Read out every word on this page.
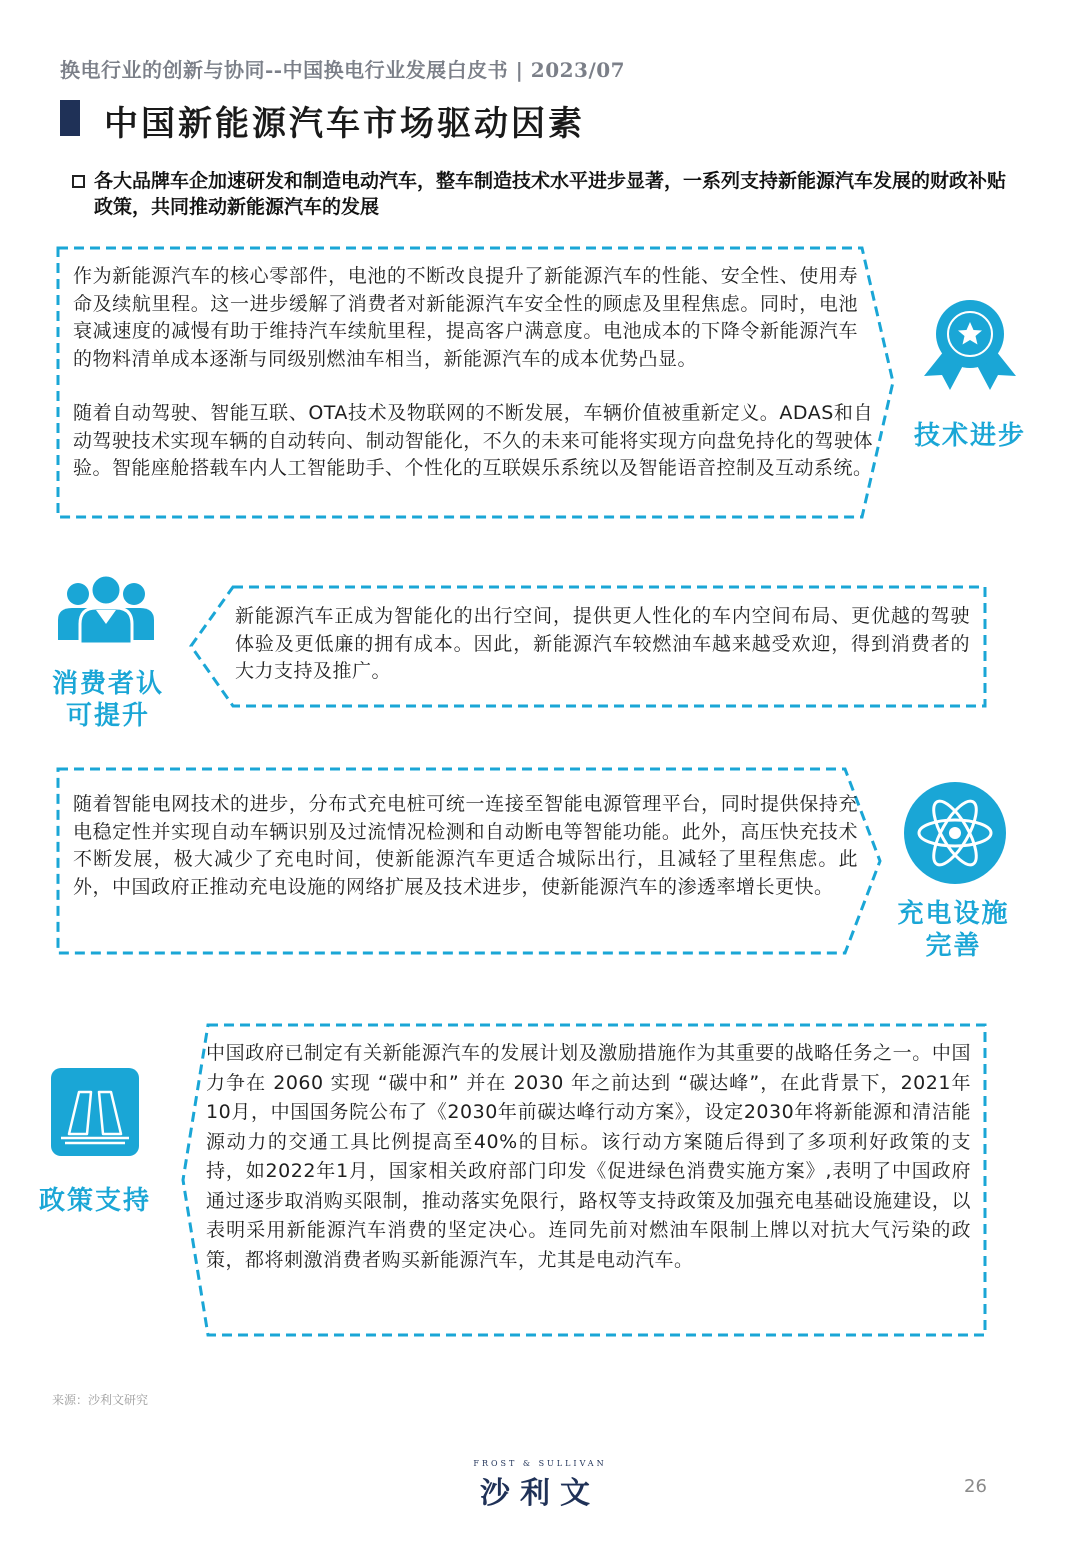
换电行业的创新与协同--中国换电行业发展白皮书 | 2023/07
中国新能源汽车市场驱动因素
各大品牌车企加速研发和制造电动汽车，整车制造技术水平进步显著，一系列支持新能源汽车发展的财政补贴政策，共同推动新能源汽车的发展
作为新能源汽车的核心零部件，电池的不断改良提升了新能源汽车的性能、安全性、使用寿命及续航里程。这一进步缓解了消费者对新能源汽车安全性的顾虑及里程焦虑。同时，电池衰减速度的减慢有助于维持汽车续航里程，提高客户满意度。电池成本的下降令新能源汽车的物料清单成本逐渐与同级别燃油车相当，新能源汽车的成本优势凸显。
随着自动驾驶、智能互联、OTA技术及物联网的不断发展，车辆价值被重新定义。ADAS和自动驾驶技术实现车辆的自动转向、制动智能化，不久的未来可能将实现方向盘免持化的驾驶体验。智能座舱搭载车内人工智能助手、个性化的互联娱乐系统以及智能语音控制及互动系统。
技术进步
新能源汽车正成为智能化的出行空间，提供更人性化的车内空间布局、更优越的驾驶体验及更低廉的拥有成本。因此，新能源汽车较燃油车越来越受欢迎，得到消费者的大力支持及推广。
消费者认
可提升
随着智能电网技术的进步，分布式充电桩可统一连接至智能电源管理平台，同时提供保持充电稳定性并实现自动车辆识别及过流情况检测和自动断电等智能功能。此外，高压快充技术不断发展，极大减少了充电时间，使新能源汽车更适合城际出行，且减轻了里程焦虑。此外，中国政府正推动充电设施的网络扩展及技术进步，使新能源汽车的渗透率增长更快。
充电设施
完善
中国政府已制定有关新能源汽车的发展计划及激励措施作为其重要的战略任务之一。中国力争在 2060 实现 “碳中和” 并在 2030 年之前达到 “碳达峰”，在此背景下，2021年10月，中国国务院公布了《2030年前碳达峰行动方案》，设定2030年将新能源和清洁能源动力的交通工具比例提高至40%的目标。该行动方案随后得到了多项利好政策的支持，如2022年1月，国家相关政府部门印发《促进绿色消费实施方案》,表明了中国政府通过逐步取消购买限制，推动落实免限行，路权等支持政策及加强充电基础设施建设，以表明采用新能源汽车消费的坚定决心。连同先前对燃油车限制上牌以对抗大气污染的政策，都将刺激消费者购买新能源汽车，尤其是电动汽车。
政策支持
来源：沙利文研究
FROST & SULLIVAN
沙利文	26
